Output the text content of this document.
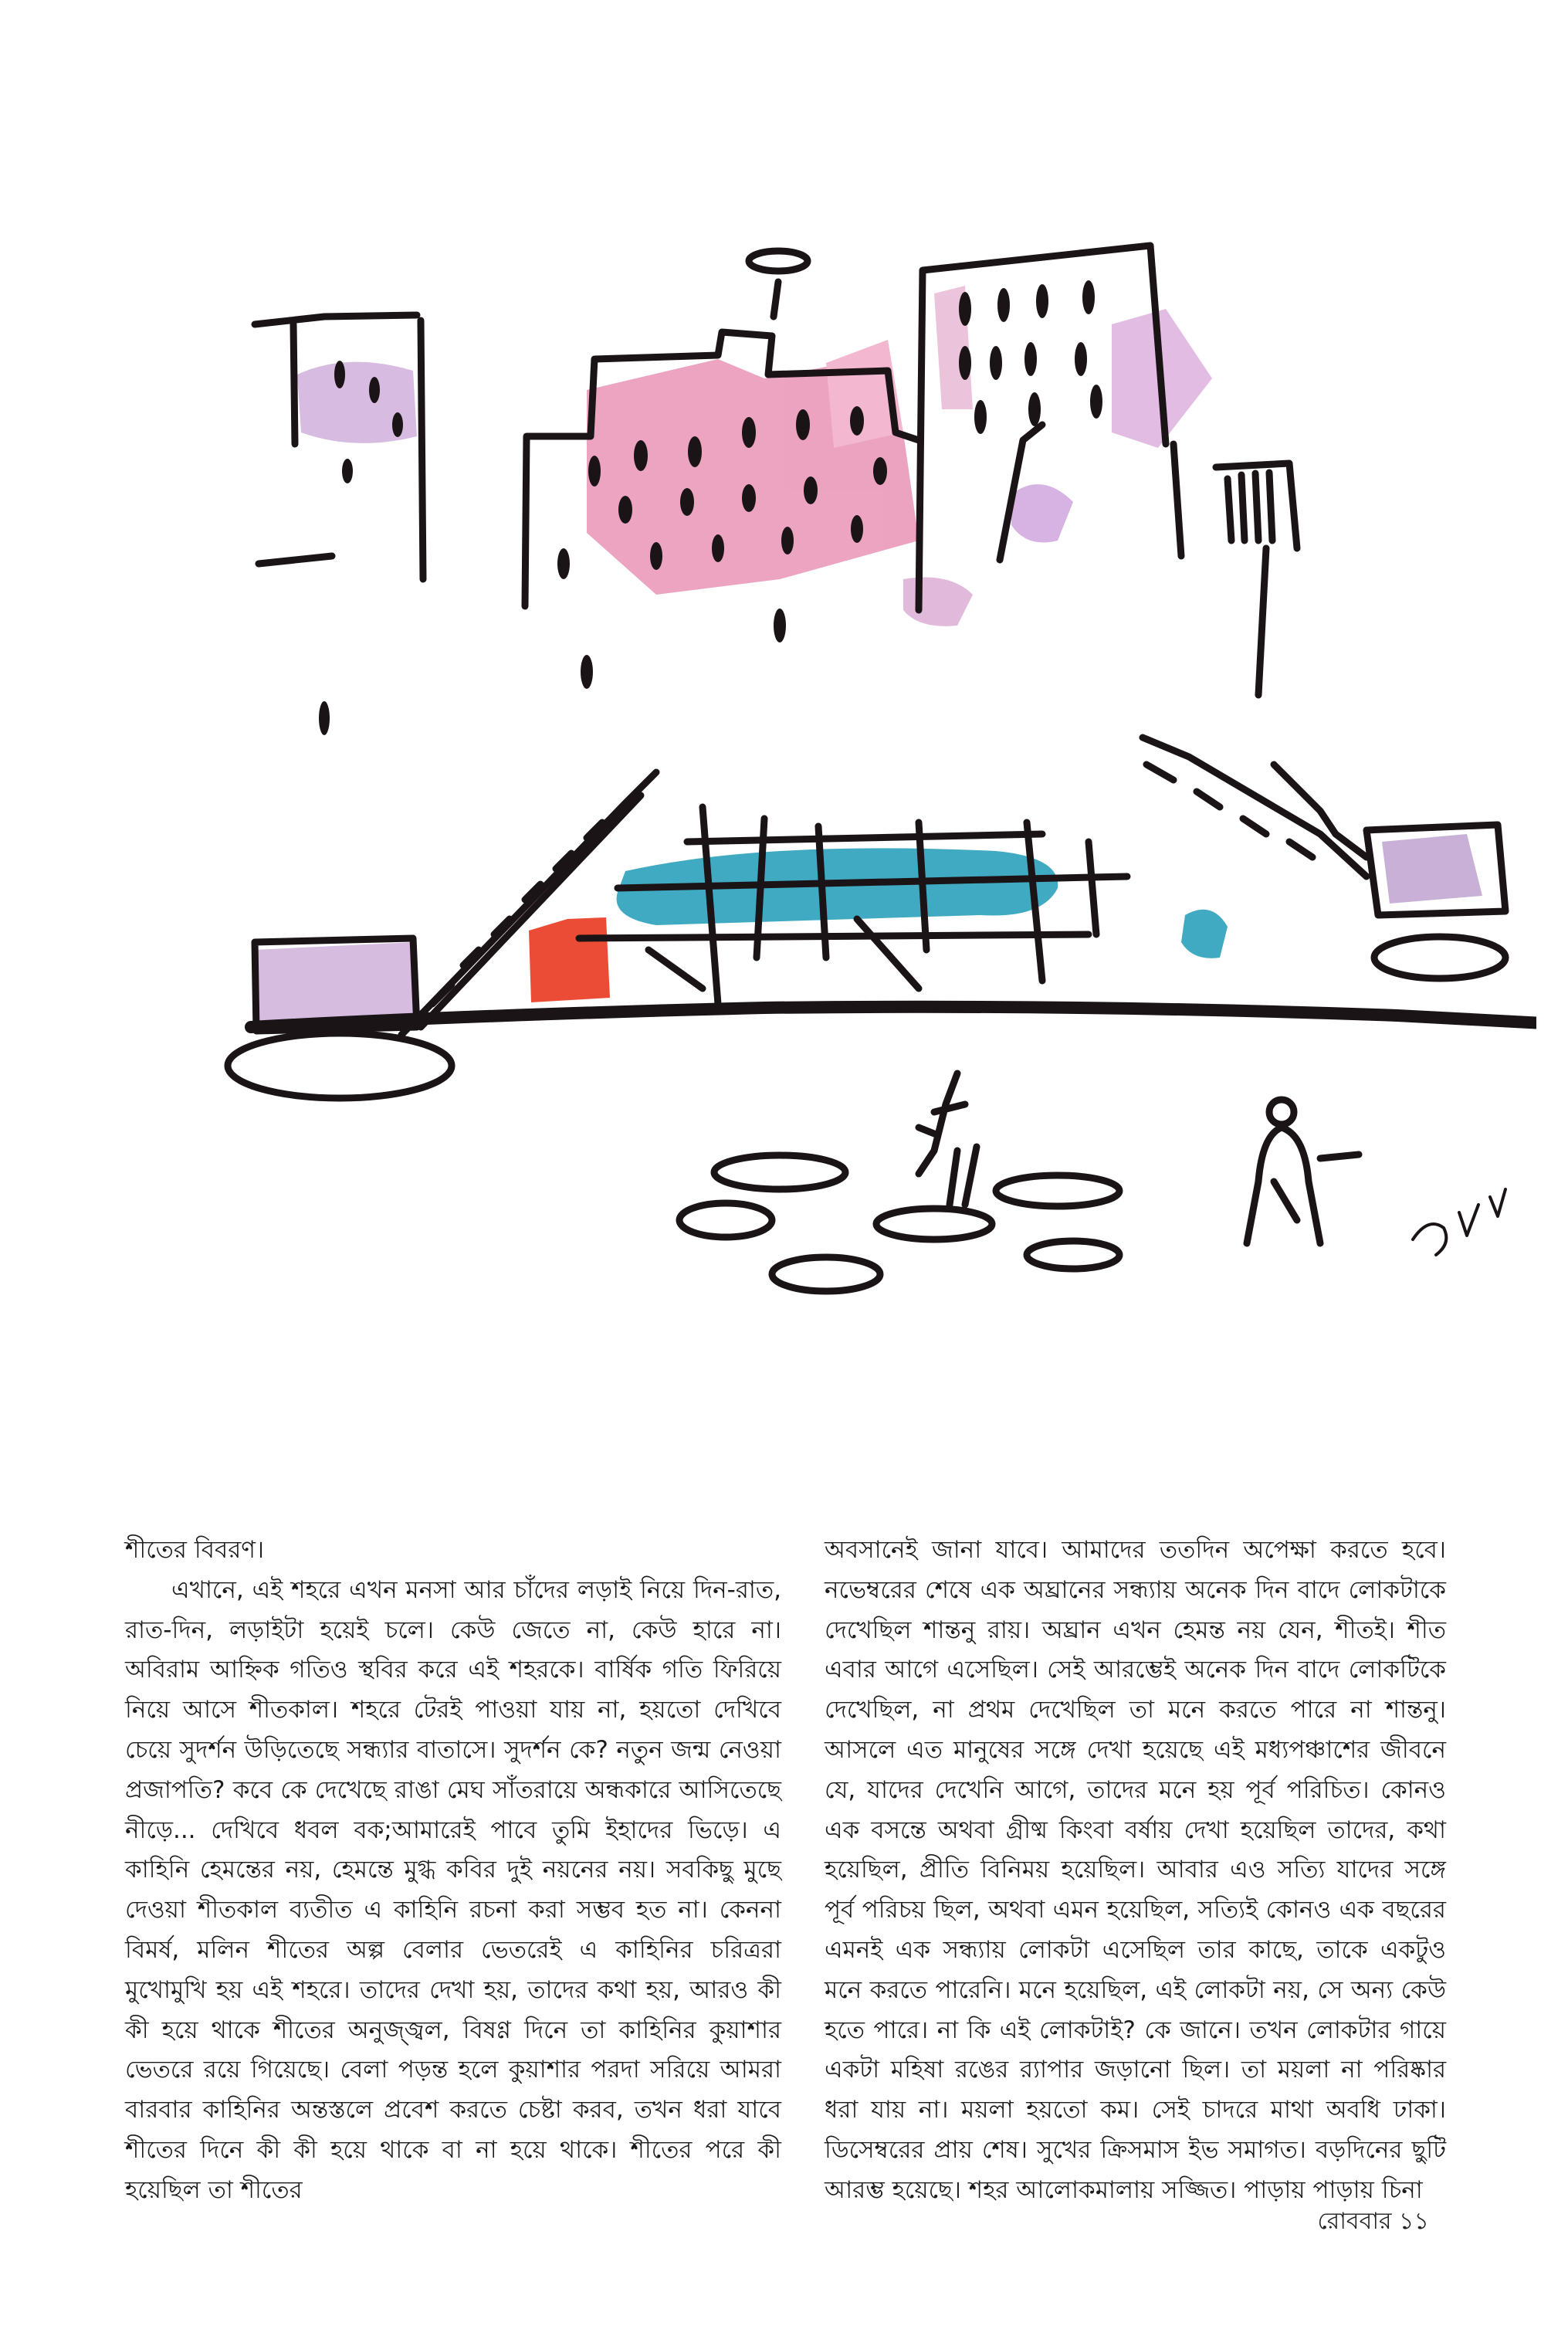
শীতের বিবরণ।

এখানে, এই শহরে এখন মনসা আর চাঁদের লড়াই নিয়ে দিন-রাত, রাত-দিন, লড়াইটা হয়েই চলে। কেউ জেতে না, কেউ হারে না। অবিরাম আহ্নিক গতিও স্থবির করে এই শহরকে। বার্ষিক গতি ফিরিয়ে নিয়ে আসে শীতকাল। শহরে টেরই পাওয়া যায় না, হয়তো দেখিবে চেয়ে সুদর্শন উড়িতেছে সন্ধ্যার বাতাসে। সুদর্শন কে? নতুন জন্ম নেওয়া প্রজাপতি? কবে কে দেখেছে রাঙা মেঘ সাঁতরায়ে অন্ধকারে আসিতেছে নীড়ে... দেখিবে ধবল বক;আমারেই পাবে তুমি ইহাদের ভিড়ে। এ কাহিনি হেমন্তের নয়, হেমন্তে মুগ্ধ কবির দুই নয়নের নয়। সবকিছু মুছে দেওয়া শীতকাল ব্যতীত এ কাহিনি রচনা করা সম্ভব হত না। কেননা বিমর্ষ, মলিন শীতের অল্প বেলার ভেতরেই এ কাহিনির চরিত্ররা মুখোমুখি হয় এই শহরে। তাদের দেখা হয়, তাদের কথা হয়, আরও কী কী হয়ে থাকে শীতের অনুজ্জ্বল, বিষণ্ণ দিনে তা কাহিনির কুয়াশার ভেতরে রয়ে গিয়েছে। বেলা পড়ন্ত হলে কুয়াশার পরদা সরিয়ে আমরা বারবার কাহিনির অন্তস্তলে প্রবেশ করতে চেষ্টা করব, তখন ধরা যাবে শীতের দিনে কী কী হয়ে থাকে বা না হয়ে থাকে। শীতের পরে কী হয়েছিল তা শীতের

অবসানেই জানা যাবে। আমাদের ততদিন অপেক্ষা করতে হবে। নভেম্বরের শেষে এক অঘ্রানের সন্ধ্যায় অনেক দিন বাদে লোকটাকে দেখেছিল শান্তনু রায়। অঘ্রান এখন হেমন্ত নয় যেন, শীতই। শীত এবার আগে এসেছিল। সেই আরম্ভেই অনেক দিন বাদে লোকটিকে দেখেছিল, না প্রথম দেখেছিল তা মনে করতে পারে না শান্তনু। আসলে এত মানুষের সঙ্গে দেখা হয়েছে এই মধ্যপঞ্চাশের জীবনে যে, যাদের দেখেনি আগে, তাদের মনে হয় পূর্ব পরিচিত। কোনও এক বসন্তে অথবা গ্রীষ্ম কিংবা বর্ষায় দেখা হয়েছিল তাদের, কথা হয়েছিল, প্রীতি বিনিময় হয়েছিল। আবার এও সত্যি যাদের সঙ্গে পূর্ব পরিচয় ছিল, অথবা এমন হয়েছিল, সত্যিই কোনও এক বছরের এমনই এক সন্ধ্যায় লোকটা এসেছিল তার কাছে, তাকে একটুও মনে করতে পারেনি। মনে হয়েছিল, এই লোকটা নয়, সে অন্য কেউ হতে পারে। না কি এই লোকটাই? কে জানে। তখন লোকটার গায়ে একটা মহিষা রঙের র‍্যাপার জড়ানো ছিল। তা ময়লা না পরিষ্কার ধরা যায় না। ময়লা হয়তো কম। সেই চাদরে মাথা অবধি ঢাকা। ডিসেম্বরের প্রায় শেষ। সুখের ক্রিসমাস ইভ সমাগত। বড়দিনের ছুটি আরম্ভ হয়েছে। শহর আলোকমালায় সজ্জিত। পাড়ায় পাড়ায় চিনা

রোববার ১১
